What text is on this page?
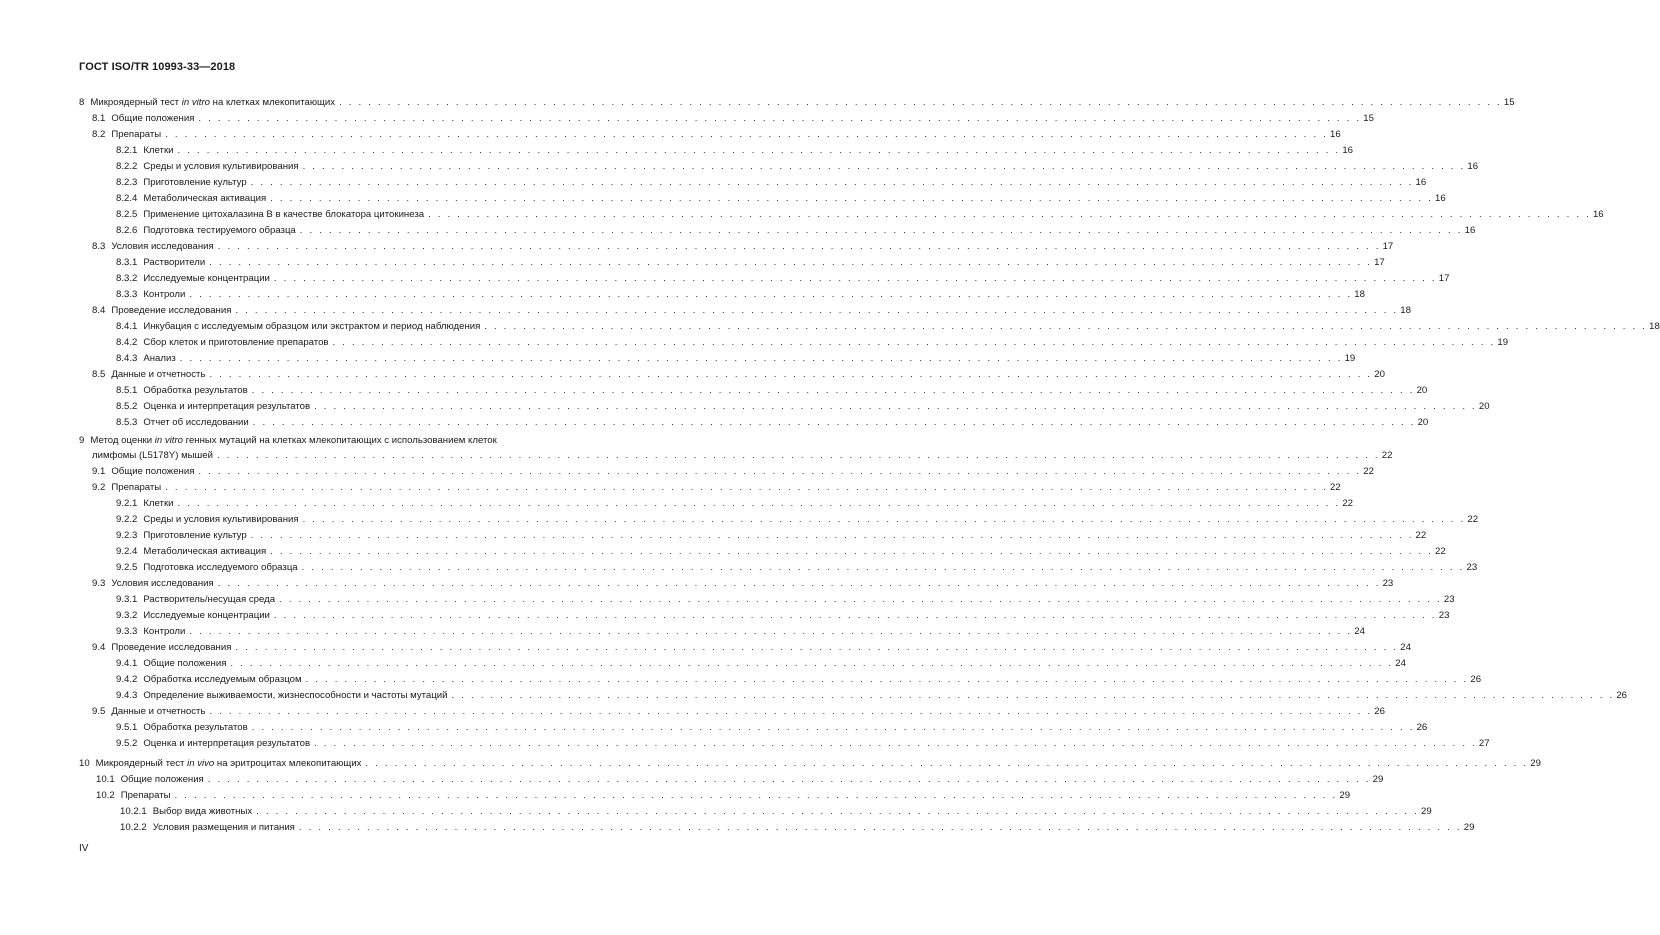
ГОСТ ISO/TR 10993-33—2018
8 Микроядерный тест in vitro на клетках млекопитающих . . . . . . . . . . . . . . . . . . . . . . . . . . . . . . . . . . . . . . . . . . . . . . . . . . . . . . . . . . . . . . . . . . . . . . . . . . . . . . . . . . . . . . . . . . . . . . . . . . . . . . . . . . . . . . . . . . . . . . . . 15
8.1 Общие положения . . . . . . . . . . . . . . . . . . . . . . . . . . . . . . . . . . . . . . . . . . . . . . . . . . . . . . . . . . . . . . . . . . . . . . . . . . . . . . . . . . . . . . . . . . . . . . . . . . . . . . . . . . . . . . . . . . . . . . . . 15
8.2 Препараты . . . . . . . . . . . . . . . . . . . . . . . . . . . . . . . . . . . . . . . . . . . . . . . . . . . . . . . . . . . . . . . . . . . . . . . . . . . . . . . . . . . . . . . . . . . . . . . . . . . . . . . . . . . . . . . . . . . . . . . . 16
8.2.1 Клетки . . . . . . . . . . . . . . . . . . . . . . . . . . . . . . . . . . . . . . . . . . . . . . . . . . . . . . . . . . . . . . . . . . . . . . . . . . . . . . . . . . . . . . . . . . . . . . . . . . . . . . . . . . . . . . . . . . . . . . . . 16
8.2.2 Среды и условия культивирования . . . . . . . . . . . . . . . . . . . . . . . . . . . . . . . . . . . . . . . . . . . . . . . . . . . . . . . . . . . . . . . . . . . . . . . . . . . . . . . . . . . . . . . . . . . . . . . . . . . . . . . . . . . . . . . . . . . . . . . . 16
8.2.3 Приготовление культур . . . . . . . . . . . . . . . . . . . . . . . . . . . . . . . . . . . . . . . . . . . . . . . . . . . . . . . . . . . . . . . . . . . . . . . . . . . . . . . . . . . . . . . . . . . . . . . . . . . . . . . . . . . . . . . . . . . . . . . . 16
8.2.4 Метаболическая активация . . . . . . . . . . . . . . . . . . . . . . . . . . . . . . . . . . . . . . . . . . . . . . . . . . . . . . . . . . . . . . . . . . . . . . . . . . . . . . . . . . . . . . . . . . . . . . . . . . . . . . . . . . . . . . . . . . . . . . . . 16
8.2.5 Применение цитохалазина В в качестве блокатора цитокинеза . . . . . . . . . . . . . . . . . . . . . . . . . . . . . . . . . . . . . . . . . . . . . . . . . . . . . . . . . . . . . . . . . . . . . . . . . . . . . . . . . . . . . . . . . . . . . . . . . . . . . . . . . . . . . . . . . . . . . . . . 16
8.2.6 Подготовка тестируемого образца . . . . . . . . . . . . . . . . . . . . . . . . . . . . . . . . . . . . . . . . . . . . . . . . . . . . . . . . . . . . . . . . . . . . . . . . . . . . . . . . . . . . . . . . . . . . . . . . . . . . . . . . . . . . . . . . . . . . . . . . 16
8.3 Условия исследования . . . . . . . . . . . . . . . . . . . . . . . . . . . . . . . . . . . . . . . . . . . . . . . . . . . . . . . . . . . . . . . . . . . . . . . . . . . . . . . . . . . . . . . . . . . . . . . . . . . . . . . . . . . . . . . . . . . . . . . . 17
8.3.1 Растворители . . . . . . . . . . . . . . . . . . . . . . . . . . . . . . . . . . . . . . . . . . . . . . . . . . . . . . . . . . . . . . . . . . . . . . . . . . . . . . . . . . . . . . . . . . . . . . . . . . . . . . . . . . . . . . . . . . . . . . . . 17
8.3.2 Исследуемые концентрации . . . . . . . . . . . . . . . . . . . . . . . . . . . . . . . . . . . . . . . . . . . . . . . . . . . . . . . . . . . . . . . . . . . . . . . . . . . . . . . . . . . . . . . . . . . . . . . . . . . . . . . . . . . . . . . . . . . . . . . . 17
8.3.3 Контроли . . . . . . . . . . . . . . . . . . . . . . . . . . . . . . . . . . . . . . . . . . . . . . . . . . . . . . . . . . . . . . . . . . . . . . . . . . . . . . . . . . . . . . . . . . . . . . . . . . . . . . . . . . . . . . . . . . . . . . . . 18
8.4 Проведение исследования . . . . . . . . . . . . . . . . . . . . . . . . . . . . . . . . . . . . . . . . . . . . . . . . . . . . . . . . . . . . . . . . . . . . . . . . . . . . . . . . . . . . . . . . . . . . . . . . . . . . . . . . . . . . . . . . . . . . . . . . 18
8.4.1 Инкубация с исследуемым образцом или экстрактом и период наблюдения . . . . . . . . . . . . . . . . . . . . . . . . . . . . . . . . . . . . . . . . . . . . . . . . . . . . . . . . . . . . . . . . . . . . . . . . . . . . . . . . . . . . . . . . . . . . . . . . . . . . . . . . . . . . . . . . . . . . . . . . 18
8.4.2 Сбор клеток и приготовление препаратов . . . . . . . . . . . . . . . . . . . . . . . . . . . . . . . . . . . . . . . . . . . . . . . . . . . . . . . . . . . . . . . . . . . . . . . . . . . . . . . . . . . . . . . . . . . . . . . . . . . . . . . . . . . . . . . . . . . . . . . . 19
8.4.3 Анализ . . . . . . . . . . . . . . . . . . . . . . . . . . . . . . . . . . . . . . . . . . . . . . . . . . . . . . . . . . . . . . . . . . . . . . . . . . . . . . . . . . . . . . . . . . . . . . . . . . . . . . . . . . . . . . . . . . . . . . . . 19
8.5 Данные и отчетность . . . . . . . . . . . . . . . . . . . . . . . . . . . . . . . . . . . . . . . . . . . . . . . . . . . . . . . . . . . . . . . . . . . . . . . . . . . . . . . . . . . . . . . . . . . . . . . . . . . . . . . . . . . . . . . . . . . . . . . . 20
8.5.1 Обработка результатов . . . . . . . . . . . . . . . . . . . . . . . . . . . . . . . . . . . . . . . . . . . . . . . . . . . . . . . . . . . . . . . . . . . . . . . . . . . . . . . . . . . . . . . . . . . . . . . . . . . . . . . . . . . . . . . . . . . . . . . . 20
8.5.2 Оценка и интерпретация результатов . . . . . . . . . . . . . . . . . . . . . . . . . . . . . . . . . . . . . . . . . . . . . . . . . . . . . . . . . . . . . . . . . . . . . . . . . . . . . . . . . . . . . . . . . . . . . . . . . . . . . . . . . . . . . . . . . . . . . . . . 20
8.5.3 Отчет об исследовании . . . . . . . . . . . . . . . . . . . . . . . . . . . . . . . . . . . . . . . . . . . . . . . . . . . . . . . . . . . . . . . . . . . . . . . . . . . . . . . . . . . . . . . . . . . . . . . . . . . . . . . . . . . . . . . . . . . . . . . . 20
9 Метод оценки in vitro генных мутаций на клетках млекопитающих с использованием клеток
лимфомы (L5178Y) мышей . . . . . . . . . . . . . . . . . . . . . . . . . . . . . . . . . . . . . . . . . . . . . . . . . . . . . . . . . . . . . . . . . . . . . . . . . . . . . . . . . . . . . . . . . . . . . . . . . . . . . . . . . . . . . . . . . . . . . . . . 22
9.1 Общие положения . . . . . . . . . . . . . . . . . . . . . . . . . . . . . . . . . . . . . . . . . . . . . . . . . . . . . . . . . . . . . . . . . . . . . . . . . . . . . . . . . . . . . . . . . . . . . . . . . . . . . . . . . . . . . . . . . . . . . . . . 22
9.2 Препараты . . . . . . . . . . . . . . . . . . . . . . . . . . . . . . . . . . . . . . . . . . . . . . . . . . . . . . . . . . . . . . . . . . . . . . . . . . . . . . . . . . . . . . . . . . . . . . . . . . . . . . . . . . . . . . . . . . . . . . . . 22
9.2.1 Клетки . . . . . . . . . . . . . . . . . . . . . . . . . . . . . . . . . . . . . . . . . . . . . . . . . . . . . . . . . . . . . . . . . . . . . . . . . . . . . . . . . . . . . . . . . . . . . . . . . . . . . . . . . . . . . . . . . . . . . . . . 22
9.2.2 Среды и условия культивирования . . . . . . . . . . . . . . . . . . . . . . . . . . . . . . . . . . . . . . . . . . . . . . . . . . . . . . . . . . . . . . . . . . . . . . . . . . . . . . . . . . . . . . . . . . . . . . . . . . . . . . . . . . . . . . . . . . . . . . . . 22
9.2.3 Приготовление культур . . . . . . . . . . . . . . . . . . . . . . . . . . . . . . . . . . . . . . . . . . . . . . . . . . . . . . . . . . . . . . . . . . . . . . . . . . . . . . . . . . . . . . . . . . . . . . . . . . . . . . . . . . . . . . . . . . . . . . . . 22
9.2.4 Метаболическая активация . . . . . . . . . . . . . . . . . . . . . . . . . . . . . . . . . . . . . . . . . . . . . . . . . . . . . . . . . . . . . . . . . . . . . . . . . . . . . . . . . . . . . . . . . . . . . . . . . . . . . . . . . . . . . . . . . . . . . . . . 22
9.2.5 Подготовка исследуемого образца . . . . . . . . . . . . . . . . . . . . . . . . . . . . . . . . . . . . . . . . . . . . . . . . . . . . . . . . . . . . . . . . . . . . . . . . . . . . . . . . . . . . . . . . . . . . . . . . . . . . . . . . . . . . . . . . . . . . . . . . 23
9.3 Условия исследования . . . . . . . . . . . . . . . . . . . . . . . . . . . . . . . . . . . . . . . . . . . . . . . . . . . . . . . . . . . . . . . . . . . . . . . . . . . . . . . . . . . . . . . . . . . . . . . . . . . . . . . . . . . . . . . . . . . . . . . . 23
9.3.1 Растворитель/несущая среда . . . . . . . . . . . . . . . . . . . . . . . . . . . . . . . . . . . . . . . . . . . . . . . . . . . . . . . . . . . . . . . . . . . . . . . . . . . . . . . . . . . . . . . . . . . . . . . . . . . . . . . . . . . . . . . . . . . . . . . . 23
9.3.2 Исследуемые концентрации . . . . . . . . . . . . . . . . . . . . . . . . . . . . . . . . . . . . . . . . . . . . . . . . . . . . . . . . . . . . . . . . . . . . . . . . . . . . . . . . . . . . . . . . . . . . . . . . . . . . . . . . . . . . . . . . . . . . . . . . 23
9.3.3 Контроли . . . . . . . . . . . . . . . . . . . . . . . . . . . . . . . . . . . . . . . . . . . . . . . . . . . . . . . . . . . . . . . . . . . . . . . . . . . . . . . . . . . . . . . . . . . . . . . . . . . . . . . . . . . . . . . . . . . . . . . . 24
9.4 Проведение исследования . . . . . . . . . . . . . . . . . . . . . . . . . . . . . . . . . . . . . . . . . . . . . . . . . . . . . . . . . . . . . . . . . . . . . . . . . . . . . . . . . . . . . . . . . . . . . . . . . . . . . . . . . . . . . . . . . . . . . . . . 24
9.4.1 Общие положения . . . . . . . . . . . . . . . . . . . . . . . . . . . . . . . . . . . . . . . . . . . . . . . . . . . . . . . . . . . . . . . . . . . . . . . . . . . . . . . . . . . . . . . . . . . . . . . . . . . . . . . . . . . . . . . . . . . . . . . . 24
9.4.2 Обработка исследуемым образцом . . . . . . . . . . . . . . . . . . . . . . . . . . . . . . . . . . . . . . . . . . . . . . . . . . . . . . . . . . . . . . . . . . . . . . . . . . . . . . . . . . . . . . . . . . . . . . . . . . . . . . . . . . . . . . . . . . . . . . . . 26
9.4.3 Определение выживаемости, жизнеспособности и частоты мутаций . . . . . . . . . . . . . . . . . . . . . . . . . . . . . . . . . . . . . . . . . . . . . . . . . . . . . . . . . . . . . . . . . . . . . . . . . . . . . . . . . . . . . . . . . . . . . . . . . . . . . . . . . . . . . . . . . . . . . . . . 26
9.5 Данные и отчетность . . . . . . . . . . . . . . . . . . . . . . . . . . . . . . . . . . . . . . . . . . . . . . . . . . . . . . . . . . . . . . . . . . . . . . . . . . . . . . . . . . . . . . . . . . . . . . . . . . . . . . . . . . . . . . . . . . . . . . . . 26
9.5.1 Обработка результатов . . . . . . . . . . . . . . . . . . . . . . . . . . . . . . . . . . . . . . . . . . . . . . . . . . . . . . . . . . . . . . . . . . . . . . . . . . . . . . . . . . . . . . . . . . . . . . . . . . . . . . . . . . . . . . . . . . . . . . . . 26
9.5.2 Оценка и интерпретация результатов . . . . . . . . . . . . . . . . . . . . . . . . . . . . . . . . . . . . . . . . . . . . . . . . . . . . . . . . . . . . . . . . . . . . . . . . . . . . . . . . . . . . . . . . . . . . . . . . . . . . . . . . . . . . . . . . . . . . . . . . 27
10 Микроядерный тест in vivo на эритроцитах млекопитающих . . . . . . . . . . . . . . . . . . . . . . . . . . . . . . . . . . . . . . . . . . . . . . . . . . . . . . . . . . . . . . . . . . . . . . . . . . . . . . . . . . . . . . . . . . . . . . . . . . . . . . . . . . . . . . . . . . . . . . . . 29
10.1 Общие положения . . . . . . . . . . . . . . . . . . . . . . . . . . . . . . . . . . . . . . . . . . . . . . . . . . . . . . . . . . . . . . . . . . . . . . . . . . . . . . . . . . . . . . . . . . . . . . . . . . . . . . . . . . . . . . . . . . . . . . . . 29
10.2 Препараты . . . . . . . . . . . . . . . . . . . . . . . . . . . . . . . . . . . . . . . . . . . . . . . . . . . . . . . . . . . . . . . . . . . . . . . . . . . . . . . . . . . . . . . . . . . . . . . . . . . . . . . . . . . . . . . . . . . . . . . . 29
10.2.1 Выбор вида животных . . . . . . . . . . . . . . . . . . . . . . . . . . . . . . . . . . . . . . . . . . . . . . . . . . . . . . . . . . . . . . . . . . . . . . . . . . . . . . . . . . . . . . . . . . . . . . . . . . . . . . . . . . . . . . . . . . . . . . . . 29
10.2.2 Условия размещения и питания . . . . . . . . . . . . . . . . . . . . . . . . . . . . . . . . . . . . . . . . . . . . . . . . . . . . . . . . . . . . . . . . . . . . . . . . . . . . . . . . . . . . . . . . . . . . . . . . . . . . . . . . . . . . . . . . . . . . . . . . 29
IV
